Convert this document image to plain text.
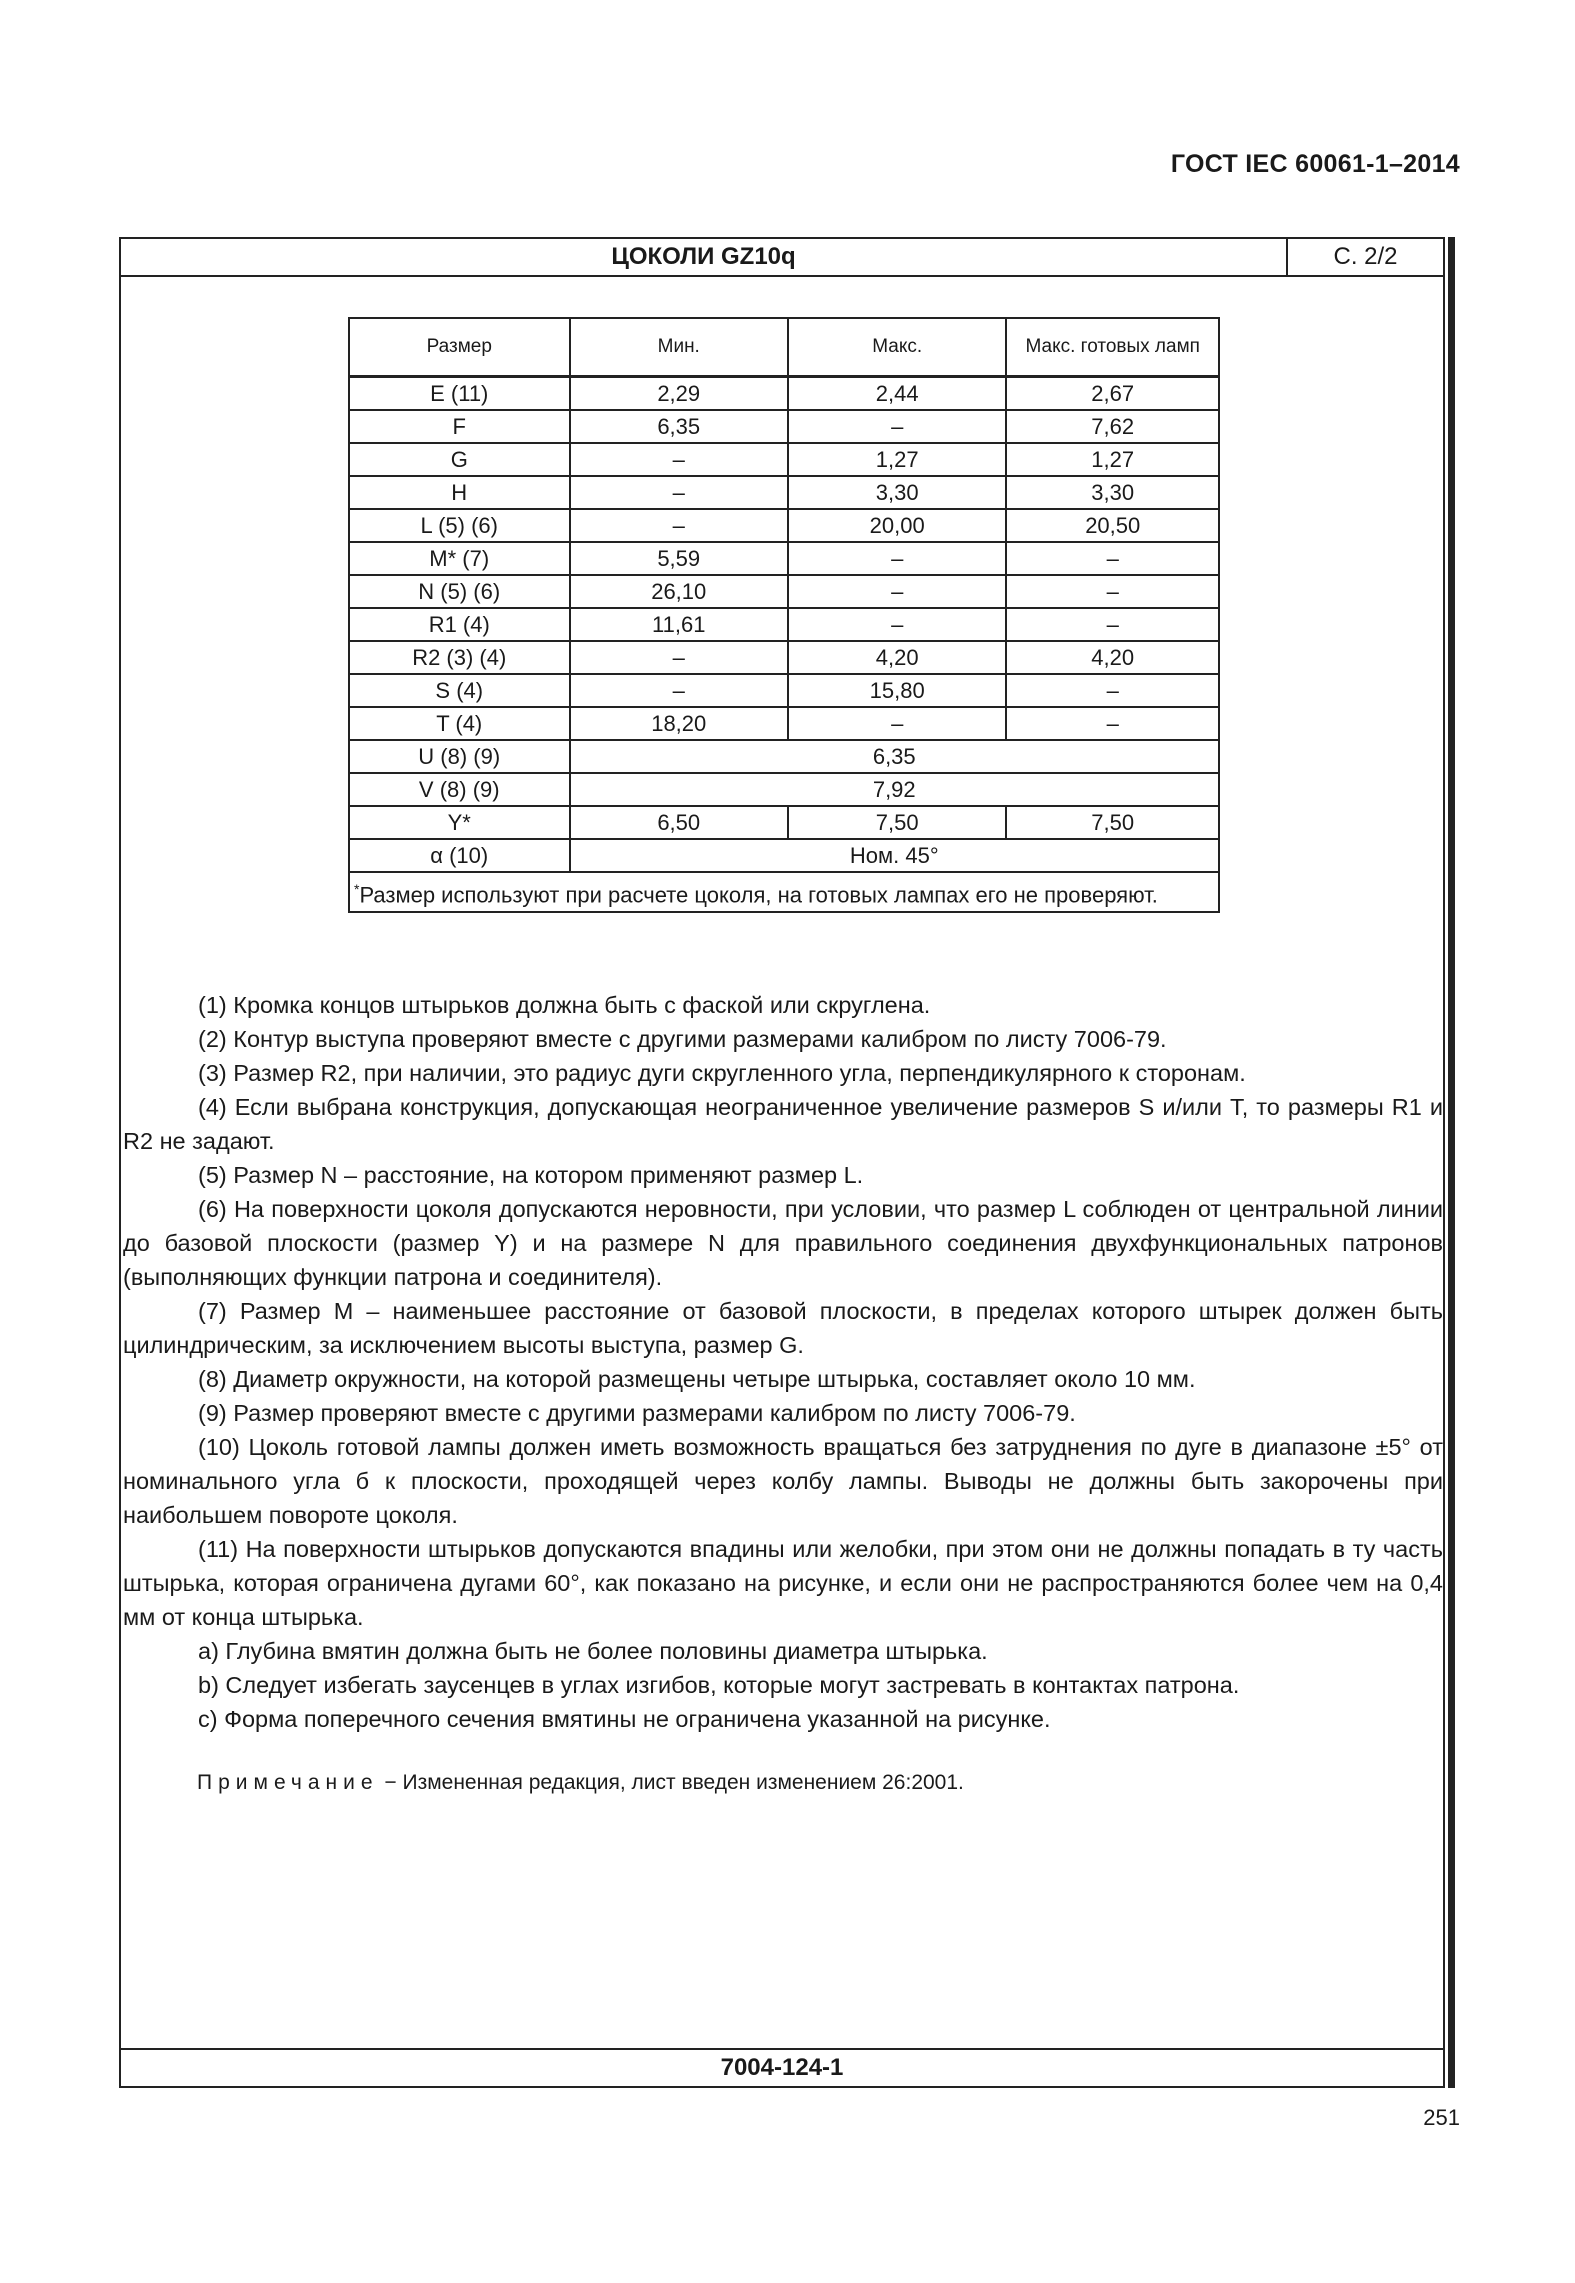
ГОСТ IEC 60061-1–2014
ЦОКОЛИ GZ10q	С. 2/2
7004-124-1
Размер	Мин.	Макс.	Макс. готовых ламп
E (11)	2,29	2,44	2,67
F	6,35	–	7,62
G	–	1,27	1,27
H	–	3,30	3,30
L (5) (6)	–	20,00	20,50
M* (7)	5,59	–	–
N (5) (6)	26,10	–	–
R1 (4)	11,61	–	–
R2 (3) (4)	–	4,20	4,20
S (4)	–	15,80	–
T (4)	18,20	–	–
U (8) (9)	6,35		
V (8) (9)	7,92		
Y*	6,50	7,50	7,50
α (10)	Ном. 45°		
*Размер используют при расчете цоколя, на готовых лампах его не проверяют.			

(1) Кромка концов штырьков должна быть с фаской или скруглена.

(2) Контур выступа проверяют вместе с другими размерами калибром по листу 7006-79.

(3) Размер R2, при наличии, это радиус дуги скругленного угла, перпендикулярного к сторонам.

(4) Если выбрана конструкция, допускающая неограниченное увеличение размеров S и/или T, то размеры R1 и R2 не задают.

(5) Размер N – расстояние, на котором применяют размер L.

(6) На поверхности цоколя допускаются неровности, при условии, что размер L соблюден от центральной линии до базовой плоскости (размер Y) и на размере N для правильного соединения двухфункциональных патронов (выполняющих функции патрона и соединителя).

(7) Размер M – наименьшее расстояние от базовой плоскости, в пределах которого штырек должен быть цилиндрическим, за исключением высоты выступа, размер G.

(8) Диаметр окружности, на которой размещены четыре штырька, составляет около 10 мм.

(9) Размер проверяют вместе с другими размерами калибром по листу 7006-79.

(10) Цоколь готовой лампы должен иметь возможность вращаться без затруднения по дуге в диапазоне ±5° от номинального угла б к плоскости, проходящей через колбу лампы. Выводы не должны быть закорочены при наибольшем повороте цоколя.

(11) На поверхности штырьков допускаются впадины или желобки, при этом они не должны попадать в ту часть штырька, которая ограничена дугами 60°, как показано на рисунке, и если они не распространяются более чем на 0,4 мм от конца штырька.

a) Глубина вмятин должна быть не более половины диаметра штырька.

b) Следует избегать заусенцев в углах изгибов, которые могут застревать в контактах патрона.

c) Форма поперечного сечения вмятины не ограничена указанной на рисунке.

Примечание − Измененная редакция, лист введен изменением 26:2001.
251
